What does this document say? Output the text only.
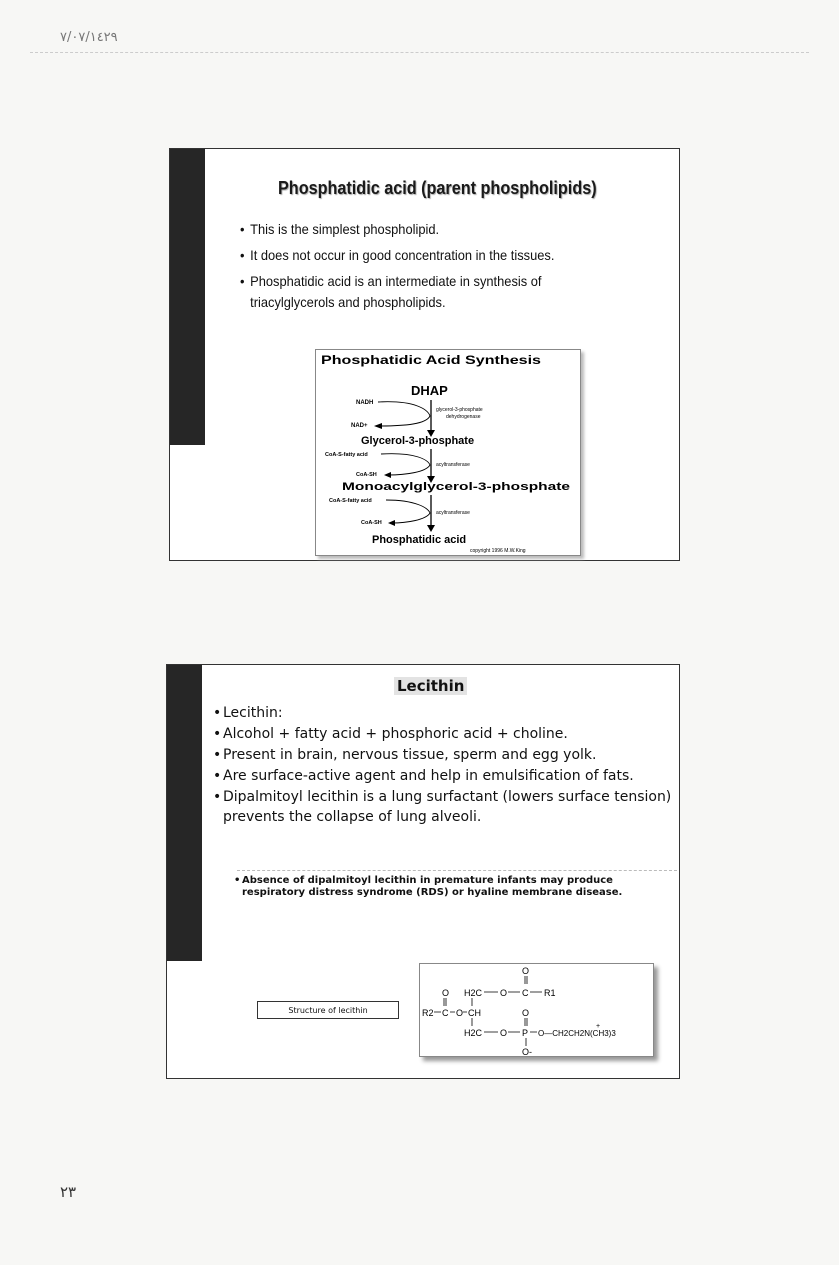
٧/٠٧/١٤٢٩
Phosphatidic acid (parent phospholipids)
• This is the simplest phospholipid.
• It does not occur in good concentration in the tissues.
• Phosphatidic acid is an intermediate in synthesis of triacylglycerols and phospholipids.
Phosphatidic Acid Synthesis
DHAP
NADH
NAD+
glycerol-3-phosphate
dehydrogenase
Glycerol-3-phosphate
CoA-S-fatty acid
CoA-SH
acyltransferase
Monoacylglycerol-3-phosphate
CoA-S-fatty acid
CoA-SH
acyltransferase
Phosphatidic acid
copyright 1996 M.W.King
Lecithin
• Lecithin:
• Alcohol + fatty acid + phosphoric acid + choline.
• Present in brain, nervous tissue, sperm and egg yolk.
• Are surface-active agent and help in emulsification of fats.
• Dipalmitoyl lecithin is a lung surfactant (lowers surface tension) prevents the collapse of lung alveoli.
• Absence of dipalmitoyl lecithin in premature infants may produce respiratory distress syndrome (RDS) or hyaline membrane disease.
Structure of lecithin
O
O H2C O C R1
R2 C O CH	O
H2C O P
+
O—CH2CH2N(CH3)3
O-
٢٣
